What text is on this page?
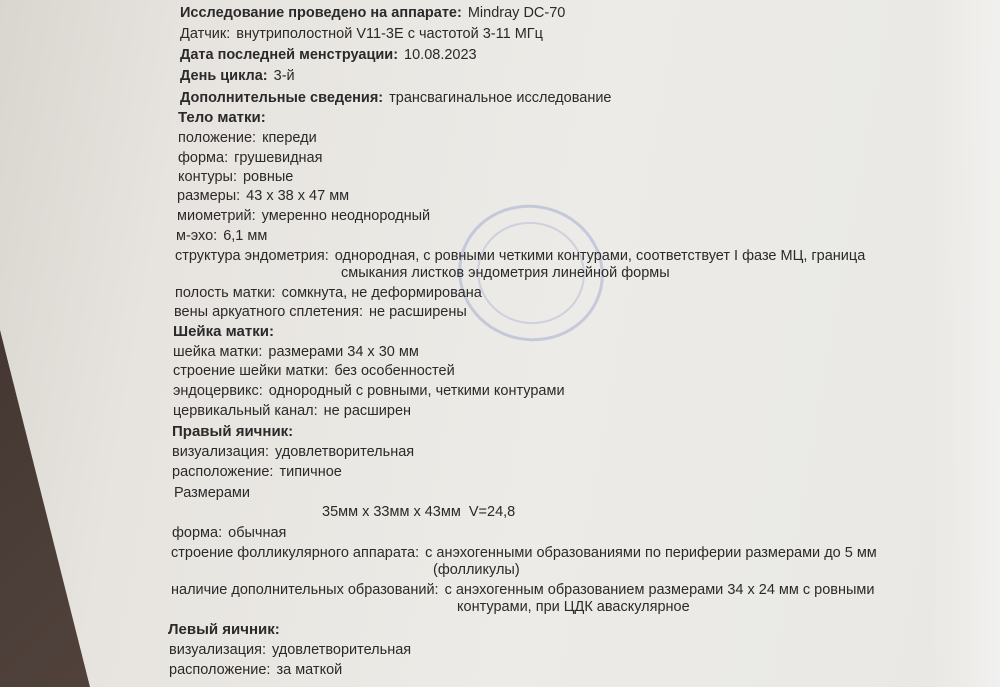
Исследование проведено на аппарате: Mindray DC-70
Датчик: внутриполостной V11-3E с частотой 3-11 МГц
Дата последней менструации: 10.08.2023
День цикла: 3-й
Дополнительные сведения: трансвагинальное исследование
Тело матки:
положение: кпереди
форма: грушевидная
контуры: ровные
размеры: 43 x 38 x 47 мм
миометрий: умеренно неоднородный
м-эхо: 6,1 мм
структура эндометрия: однородная, с ровными четкими контурами, соответствует I фазе МЦ, граница
смыкания листков эндометрия линейной формы
полость матки: сомкнута, не деформирована
вены аркуатного сплетения: не расширены
Шейка матки:
шейка матки: размерами 34 x 30 мм
строение шейки матки: без особенностей
эндоцервикс: однородный с ровными, четкими контурами
цервикальный канал: не расширен
Правый яичник:
визуализация: удовлетворительная
расположение: типичное
Размерами
35мм x 33мм x 43мм  V=24,8
форма: обычная
строение фолликулярного аппарата: с анэхогенными образованиями по периферии размерами до 5 мм
(фолликулы)
наличие дополнительных образований: с анэхогенным образованием размерами 34 x 24 мм с ровными
контурами, при ЦДК аваскулярное
Левый яичник:
визуализация: удовлетворительная
расположение: за маткой
